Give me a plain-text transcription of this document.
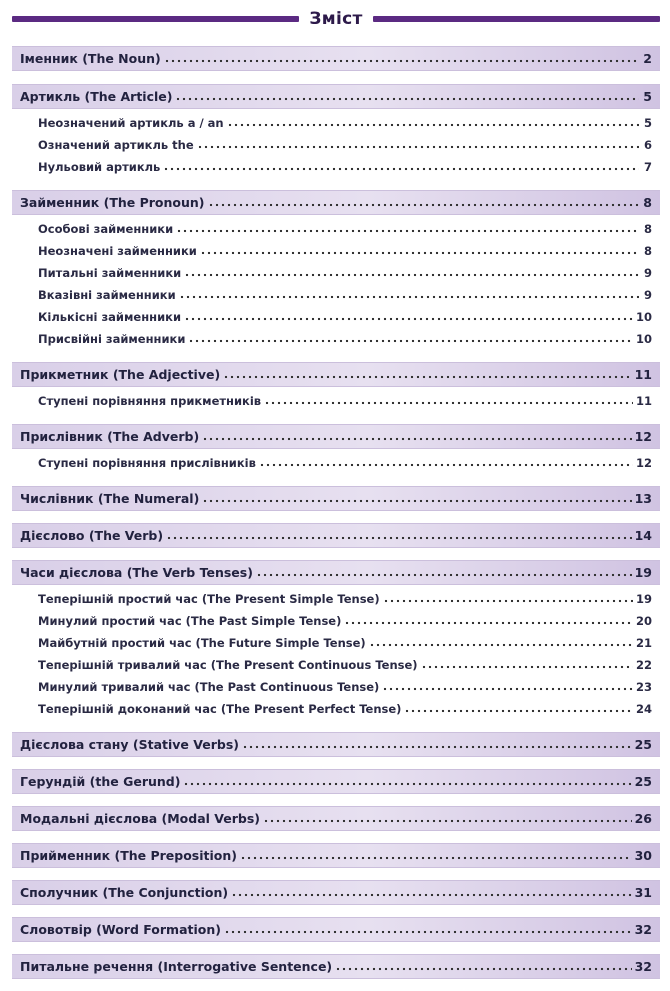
Зміст
Іменник (The Noun)	2
Артикль (The Article)	5
Неозначений артикль a / an	5
Означений артикль the	6
Нульовий артикль	7
Займенник (The Pronoun)	8
Особові займенники	8
Неозначені займенники	8
Питальні займенники	9
Вказівні займенники	9
Кількісні займенники	10
Присвійні займенники	10
Прикметник (The Adjective)	11
Ступені порівняння прикметників	11
Прислівник (The Adverb)	12
Ступені порівняння прислівників	12
Числівник (The Numeral)	13
Дієслово (The Verb)	14
Часи дієслова (The Verb Tenses)	19
Теперішній простий час (The Present Simple Tense)	19
Минулий простий час (The Past Simple Tense)	20
Майбутній простий час (The Future Simple Tense)	21
Теперішній тривалий час (The Present Continuous Tense)	22
Минулий тривалий час (The Past Continuous Tense)	23
Теперішній доконаний час (The Present Perfect Tense)	24
Дієслова стану (Stative Verbs)	25
Герундій (the Gerund)	25
Модальні дієслова (Modal Verbs)	26
Прийменник (The Preposition)	30
Сполучник (The Conjunction)	31
Словотвір (Word Formation)	32
Питальне речення (Interrogative Sentence)	32
